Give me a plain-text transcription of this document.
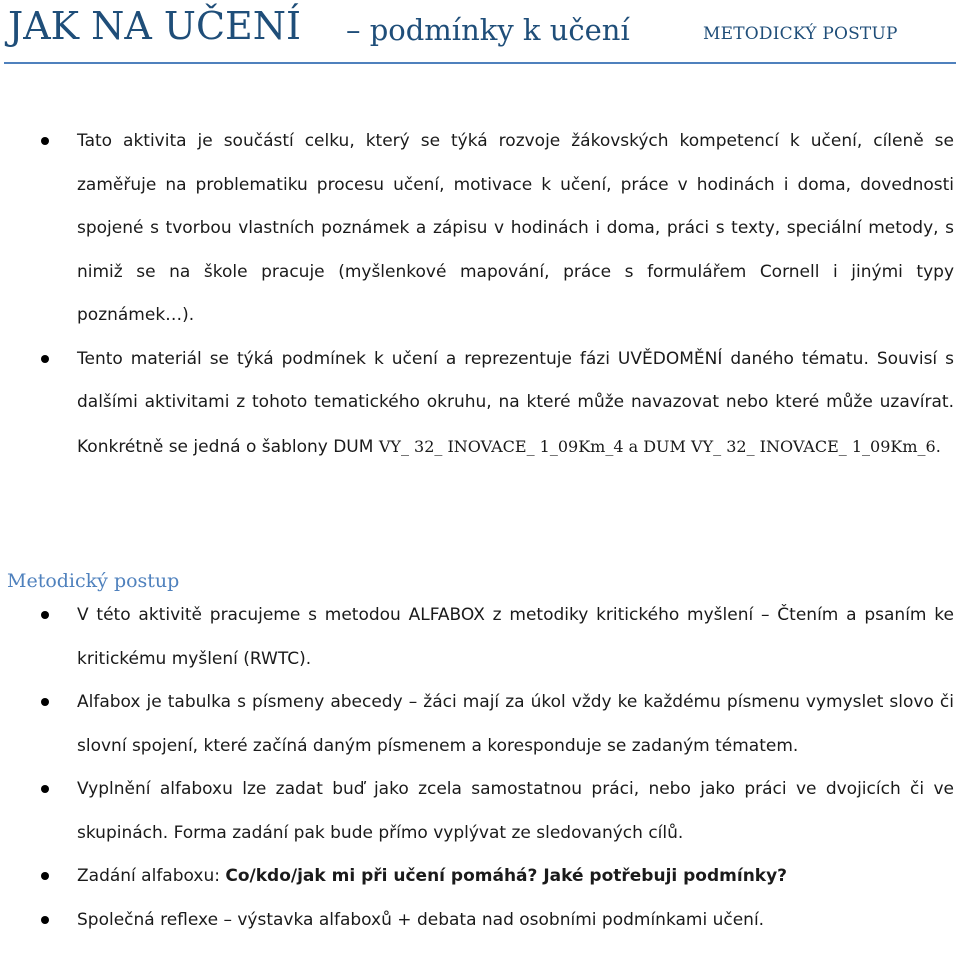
JAK NA UČENÍ – podmínky k učení	METODICKÝ POSTUP
Tato aktivita je součástí celku, který se týká rozvoje žákovských kompetencí k učení, cíleně se zaměřuje na problematiku procesu učení, motivace k učení, práce v hodinách i doma, dovednosti spojené s tvorbou vlastních poznámek a zápisu v hodinách i doma, práci s texty, speciální metody, s nimiž se na škole pracuje (myšlenkové mapování, práce s formulářem Cornell i jinými typy poznámek…).
Tento materiál se týká podmínek k učení a reprezentuje fázi UVĚDOMĚNÍ daného tématu. Souvisí s dalšími aktivitami z tohoto tematického okruhu, na které může navazovat nebo které může uzavírat. Konkrétně se jedná o šablony DUM VY_ 32_ INOVACE_ 1_09Km_4 a DUM VY_ 32_ INOVACE_ 1_09Km_6.
Metodický postup
V této aktivitě pracujeme s metodou ALFABOX z metodiky kritického myšlení – Čtením a psaním ke kritickému myšlení (RWTC).
Alfabox je tabulka s písmeny abecedy – žáci mají za úkol vždy ke každému písmenu vymyslet slovo či slovní spojení, které začíná daným písmenem a koresponduje se zadaným tématem.
Vyplnění alfaboxu lze zadat buď jako zcela samostatnou práci, nebo jako práci ve dvojicích či ve skupinách. Forma zadání pak bude přímo vyplývat ze sledovaných cílů.
Zadání alfaboxu: Co/kdo/jak mi při učení pomáhá? Jaké potřebuji podmínky?
Společná reflexe – výstavka alfaboxů + debata nad osobními podmínkami učení.
